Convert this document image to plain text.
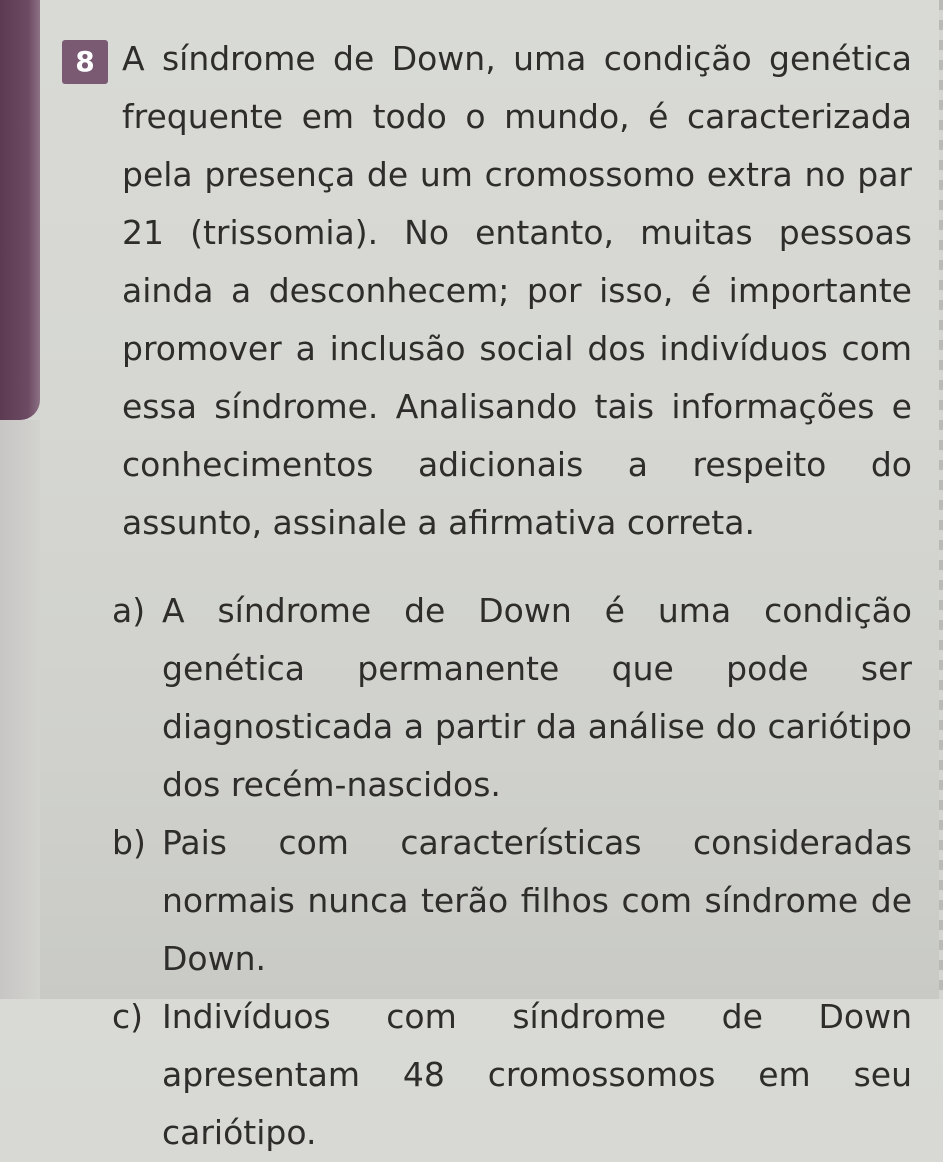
8 A síndrome de Down, uma condição genética frequente em todo o mundo, é caracterizada pela presença de um cromossomo extra no par 21 (trissomia). No entanto, muitas pessoas ainda a desconhecem; por isso, é importante promover a inclusão social dos indivíduos com essa síndrome. Analisando tais informações e conhecimentos adicionais a respeito do assunto, assinale a afirmativa correta.

a) A síndrome de Down é uma condição genética permanente que pode ser diagnosticada a partir da análise do cariótipo dos recém-nascidos.
b) Pais com características consideradas normais nunca terão filhos com síndrome de Down.
c) Indivíduos com síndrome de Down apresentam 48 cromossomos em seu cariótipo.
